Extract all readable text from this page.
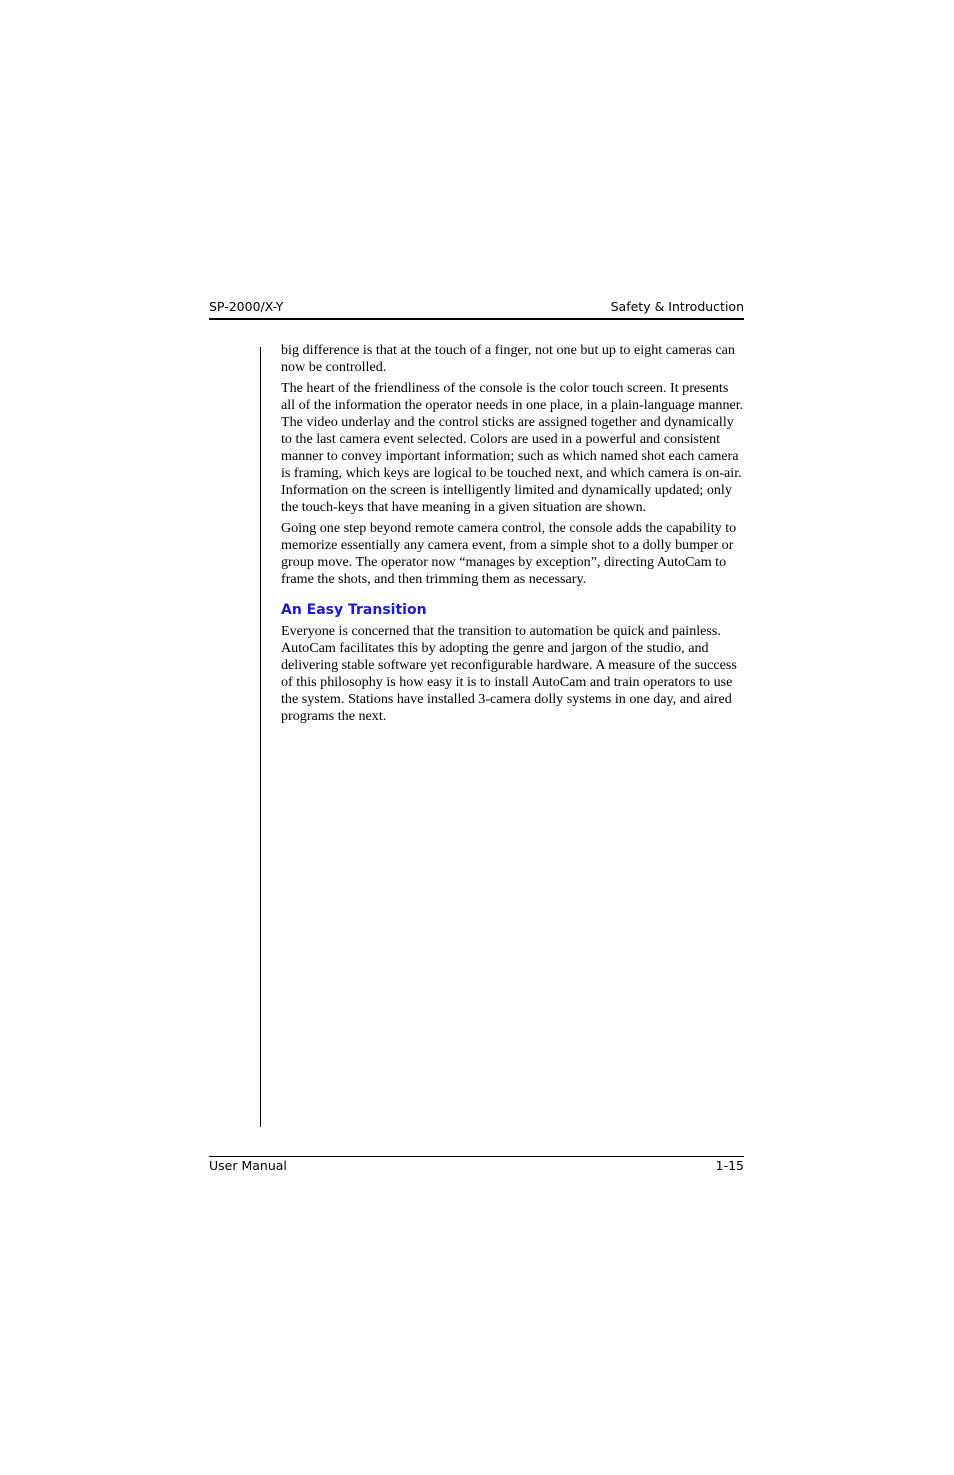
SP-2000/X-Y	Safety & Introduction

big difference is that at the touch of a finger, not one but up to eight cameras can now be controlled.

The heart of the friendliness of the console is the color touch screen. It presents all of the information the operator needs in one place, in a plain-language manner. The video underlay and the control sticks are assigned together and dynamically to the last camera event selected. Colors are used in a powerful and consistent manner to convey important information; such as which named shot each camera is framing, which keys are logical to be touched next, and which camera is on-air. Information on the screen is intelligently limited and dynamically updated; only the touch-keys that have meaning in a given situation are shown.

Going one step beyond remote camera control, the console adds the capability to memorize essentially any camera event, from a simple shot to a dolly bumper or group move. The operator now “manages by exception”, directing AutoCam to frame the shots, and then trimming them as necessary.

An Easy Transition

Everyone is concerned that the transition to automation be quick and painless. AutoCam facilitates this by adopting the genre and jargon of the studio, and delivering stable software yet reconfigurable hardware. A measure of the success of this philosophy is how easy it is to install AutoCam and train operators to use the system. Stations have installed 3-camera dolly systems in one day, and aired programs the next.

User Manual	1-15
